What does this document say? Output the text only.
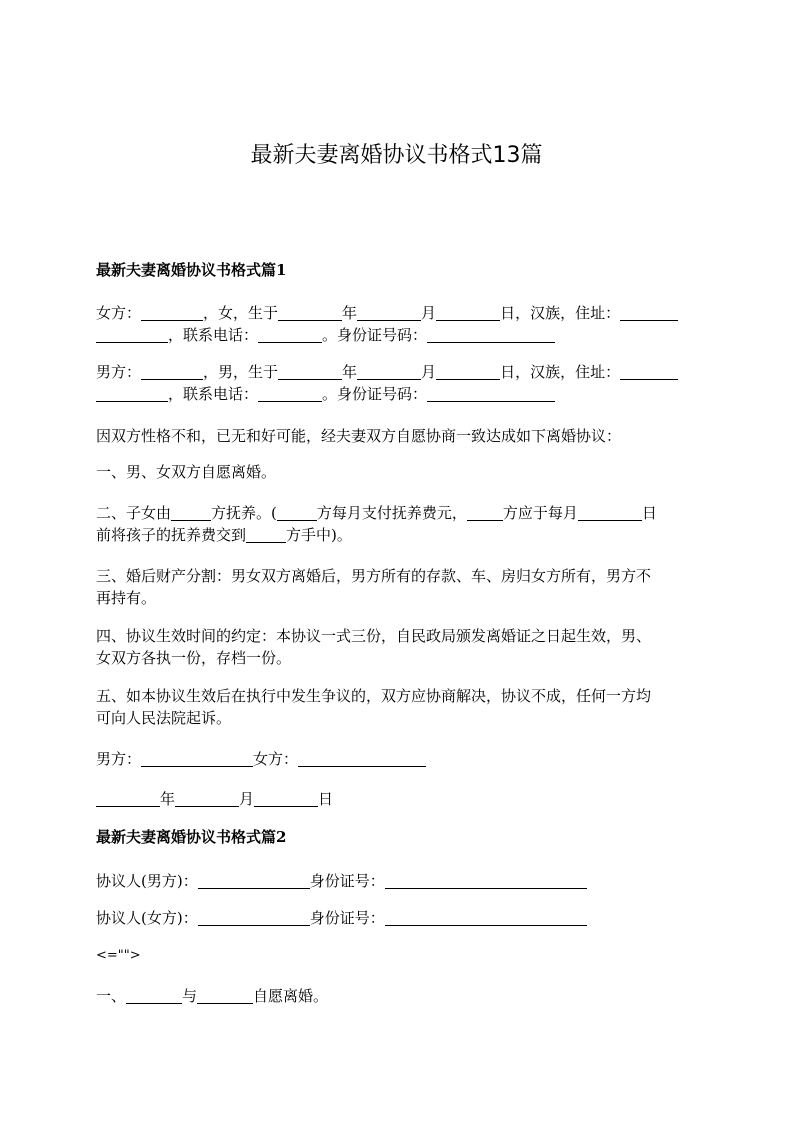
最新夫妻离婚协议书格式13篇
最新夫妻离婚协议书格式篇1
女方：	，女，生于	年	月	日，汉族，住址：
，联系电话：	。身份证号码：
男方：	，男，生于	年	月	日，汉族，住址：
，联系电话：	。身份证号码：
因双方性格不和，已无和好可能，经夫妻双方自愿协商一致达成如下离婚协议：
一、男、女双方自愿离婚。
二、子女由	方抚养。(	方每月支付抚养费元， 方应于每月	日
前将孩子的抚养费交到	方手中)。
三、婚后财产分割：男女双方离婚后，男方所有的存款、车、房归女方所有，男方不
再持有。
四、协议生效时间的约定：本协议一式三份，自民政局颁发离婚证之日起生效，男、
女双方各执一份，存档一份。
五、如本协议生效后在执行中发生争议的，双方应协商解决，协议不成，任何一方均
可向人民法院起诉。
男方：	女方：
年	月	日
最新夫妻离婚协议书格式篇2
协议人(男方)：	身份证号：
协议人(女方)：	身份证号：
<="">
一、	与	自愿离婚。
